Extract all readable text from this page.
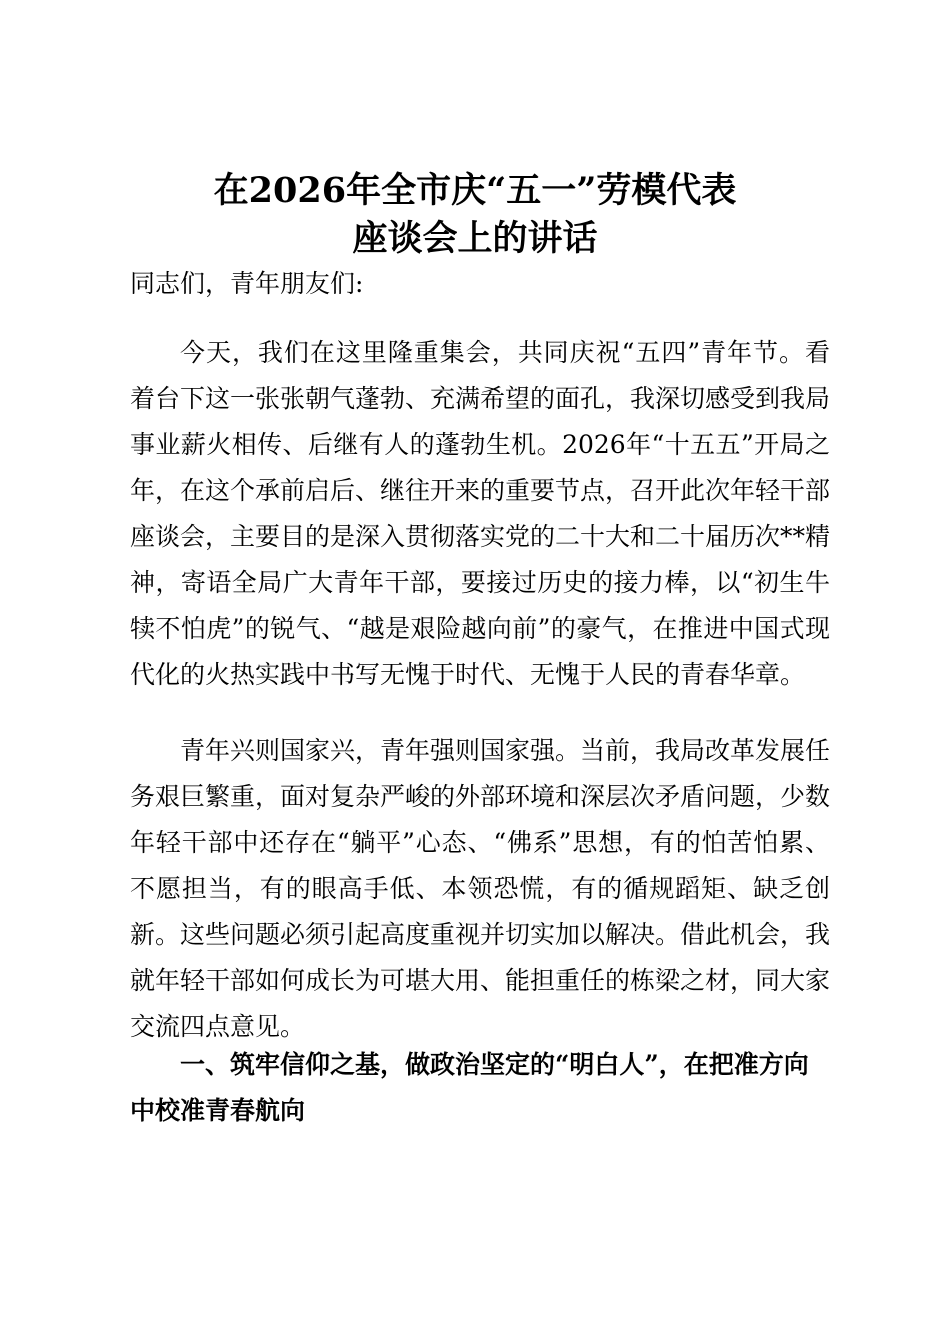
在2026年全市庆“五一”劳模代表
座谈会上的讲话

同志们，青年朋友们:

今天，我们在这里隆重集会，共同庆祝“五四”青年节。看着台下这一张张朝气蓬勃、充满希望的面孔，我深切感受到我局事业薪火相传、后继有人的蓬勃生机。2026年“十五五”开局之年，在这个承前启后、继往开来的重要节点，召开此次年轻干部座谈会，主要目的是深入贯彻落实党的二十大和二十届历次**精神，寄语全局广大青年干部，要接过历史的接力棒，以“初生牛犊不怕虎”的锐气、“越是艰险越向前”的豪气，在推进中国式现代化的火热实践中书写无愧于时代、无愧于人民的青春华章。

青年兴则国家兴，青年强则国家强。当前，我局改革发展任务艰巨繁重，面对复杂严峻的外部环境和深层次矛盾问题，少数年轻干部中还存在“躺平”心态、“佛系”思想，有的怕苦怕累、不愿担当，有的眼高手低、本领恐慌，有的循规蹈矩、缺乏创新。这些问题必须引起高度重视并切实加以解决。借此机会，我就年轻干部如何成长为可堪大用、能担重任的栋梁之材，同大家交流四点意见。

一、筑牢信仰之基，做政治坚定的“明白人”，在把准方向中校准青春航向
